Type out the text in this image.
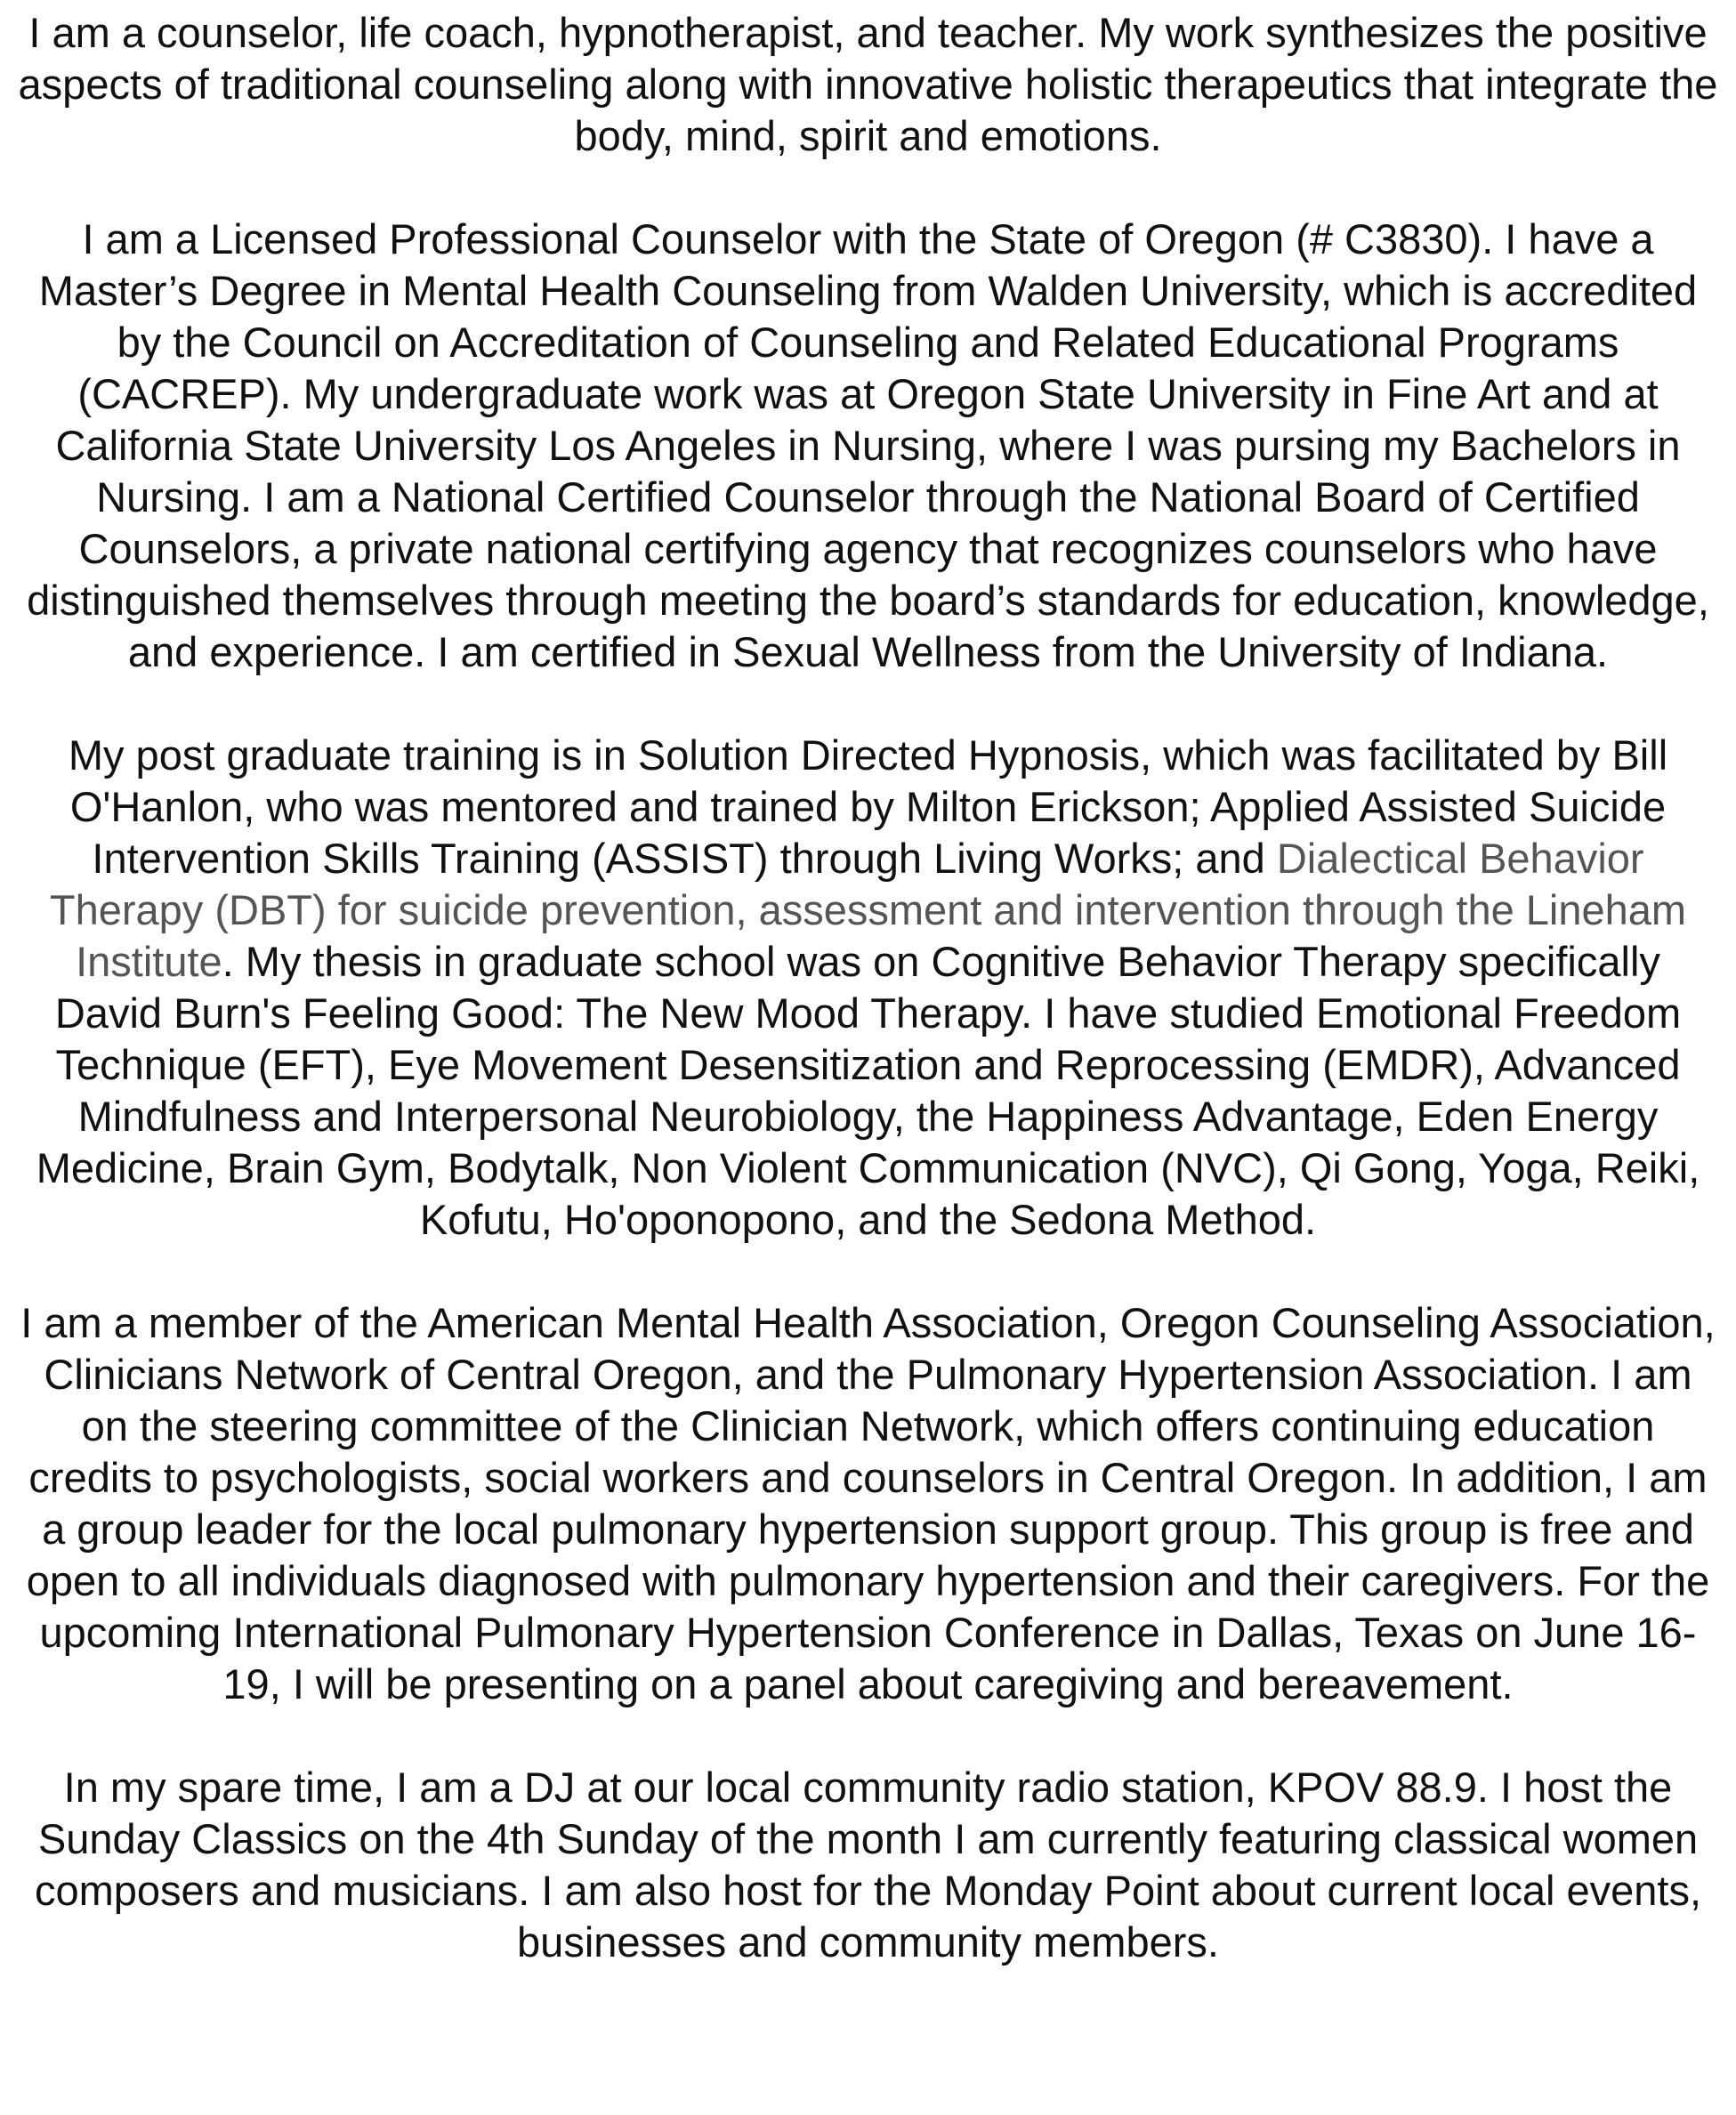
I am a counselor, life coach, hypnotherapist, and teacher. My work synthesizes the positive aspects of traditional counseling along with innovative holistic therapeutics that integrate the body, mind, spirit and emotions.

I am a Licensed Professional Counselor with the State of Oregon (# C3830). I have a Master’s Degree in Mental Health Counseling from Walden University, which is accredited by the Council on Accreditation of Counseling and Related Educational Programs (CACREP). My undergraduate work was at Oregon State University in Fine Art and at California State University Los Angeles in Nursing, where I was pursing my Bachelors in Nursing. I am a National Certified Counselor through the National Board of Certified Counselors, a private national certifying agency that recognizes counselors who have distinguished themselves through meeting the board’s standards for education, knowledge, and experience. I am certified in Sexual Wellness from the University of Indiana.

My post graduate training is in Solution Directed Hypnosis, which was facilitated by Bill O'Hanlon, who was mentored and trained by Milton Erickson; Applied Assisted Suicide Intervention Skills Training (ASSIST) through Living Works; and Dialectical Behavior Therapy (DBT) for suicide prevention, assessment and intervention through the Lineham Institute. My thesis in graduate school was on Cognitive Behavior Therapy specifically David Burn's Feeling Good: The New Mood Therapy. I have studied Emotional Freedom Technique (EFT), Eye Movement Desensitization and Reprocessing (EMDR), Advanced Mindfulness and Interpersonal Neurobiology, the Happiness Advantage, Eden Energy Medicine, Brain Gym, Bodytalk, Non Violent Communication (NVC), Qi Gong, Yoga, Reiki, Kofutu, Ho'oponopono, and the Sedona Method.

I am a member of the American Mental Health Association, Oregon Counseling Association, Clinicians Network of Central Oregon, and the Pulmonary Hypertension Association. I am on the steering committee of the Clinician Network, which offers continuing education credits to psychologists, social workers and counselors in Central Oregon. In addition, I am a group leader for the local pulmonary hypertension support group. This group is free and open to all individuals diagnosed with pulmonary hypertension and their caregivers. For the upcoming International Pulmonary Hypertension Conference in Dallas, Texas on June 16-19, I will be presenting on a panel about caregiving and bereavement.

In my spare time, I am a DJ at our local community radio station, KPOV 88.9. I host the Sunday Classics on the 4th Sunday of the month I am currently featuring classical women composers and musicians. I am also host for the Monday Point about current local events, businesses and community members.
